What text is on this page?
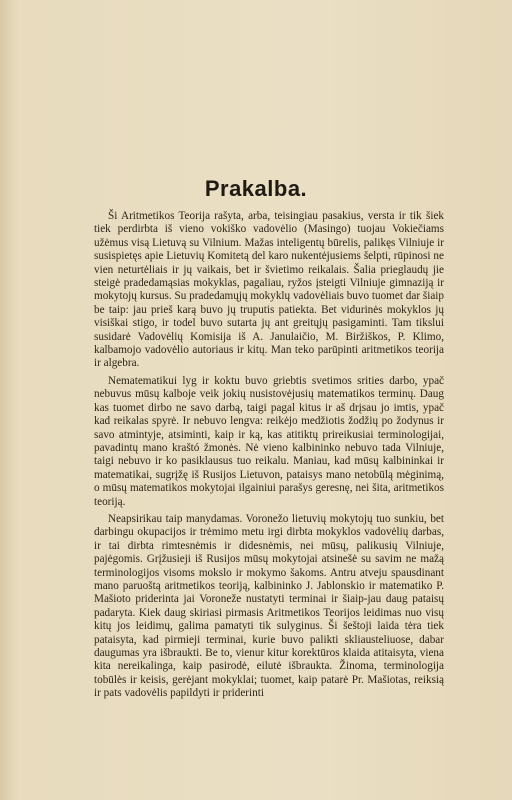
Prakalba.

Ši Aritmetikos Teorija rašyta, arba, teisingiau pasakius, versta ir tik šiek tiek perdirbta iš vieno vokiško vadovėlio (Masingo) tuojau Vokiečiams užėmus visą Lietuvą su Vilnium. Mažas inteligentų būrelis, palikęs Vilniuje ir susispietęs apie Lietuvių Komitetą del karo nukentėjusiems šelpti, rūpinosi ne vien neturtėliais ir jų vaikais, bet ir švietimo reikalais. Šalia prieglaudų jie steigė pradedamąsias mokyklas, pagaliau, ryžos įsteigti Vilniuje gimnaziją ir mokytojų kursus. Su pradedamųjų mokyklų vadovėliais buvo tuomet dar šiaip be taip: jau prieš karą buvo jų truputis patiekta. Bet vidurinės mokyklos jų visiškai stigo, ir todel buvo sutarta jų ant greitųjų pasigaminti. Tam tikslui susidarė Vadovėlių Komisija iš A. Janulaičio, M. Biržiškos, P. Klimo, kalbamojo vadovėlio autoriaus ir kitų. Man teko parūpinti aritmetikos teorija ir algebra.

Nematematikui lyg ir koktu buvo griebtis svetimos srities darbo, ypač nebuvus mūsų kalboje veik jokių nusistovėjusių matematikos terminų. Daug kas tuomet dirbo ne savo darbą, taigi pagal kitus ir aš drįsau jo imtis, ypač kad reikalas spyrė. Ir nebuvo lengva: reikėjo medžiotis žodžių po žodynus ir savo atmintyje, atsiminti, kaip ir ką, kas atitiktų prireikusiai terminologijai, pavadintų mano kraštó žmonės. Nė vieno kalbininko nebuvo tada Vilniuje, taigi nebuvo ir ko pasiklausus tuo reikalu. Maniau, kad mūsų kalbininkai ir matematikai, sugrįžę iš Rusijos Lietuvon, pataisys mano netobūlą mėginimą, o mūsų matematikos mokytojai ilgainiui parašys geresnę, nei šita, aritmetikos teoriją.

Neapsirikau taip manydamas. Voronežo lietuvių mokytojų tuo sunkiu, bet darbingu okupacijos ir trėmimo metu irgi dirbta mokyklos vadovėlių darbas, ir tai dirbta rimtesnėmis ir didesnėmis, nei mūsų, palikusių Vilniuje, pajėgomis. Grįžusieji iš Rusijos mūsų mokytojai atsinešė su savim ne mažą terminologijos visoms mokslo ir mokymo šakoms. Antru atveju spausdinant mano paruoštą aritmetikos teoriją, kalbininko J. Jablonskio ir matematiko P. Mašioto priderinta jai Voroneže nustatyti terminai ir šiaip-jau daug pataisų padaryta. Kiek daug skiriasi pirmasis Aritmetikos Teorijos leidimas nuo visų kitų jos leidimų, galima pamatyti tik sulyginus. Ši šeštoji laida tėra tiek pataisyta, kad pirmieji terminai, kurie buvo palikti skliausteliuose, dabar daugumas yra išbraukti. Be to, vienur kitur korektūros klaida atitaisyta, viena kita nereikalinga, kaip pasirodė, eilutė išbraukta. Žinoma, terminologija tobūlės ir keisis, gerėjant mokyklai; tuomet, kaip patarė Pr. Mašiotas, reiksią ir pats vadovėlis papildyti ir priderinti
